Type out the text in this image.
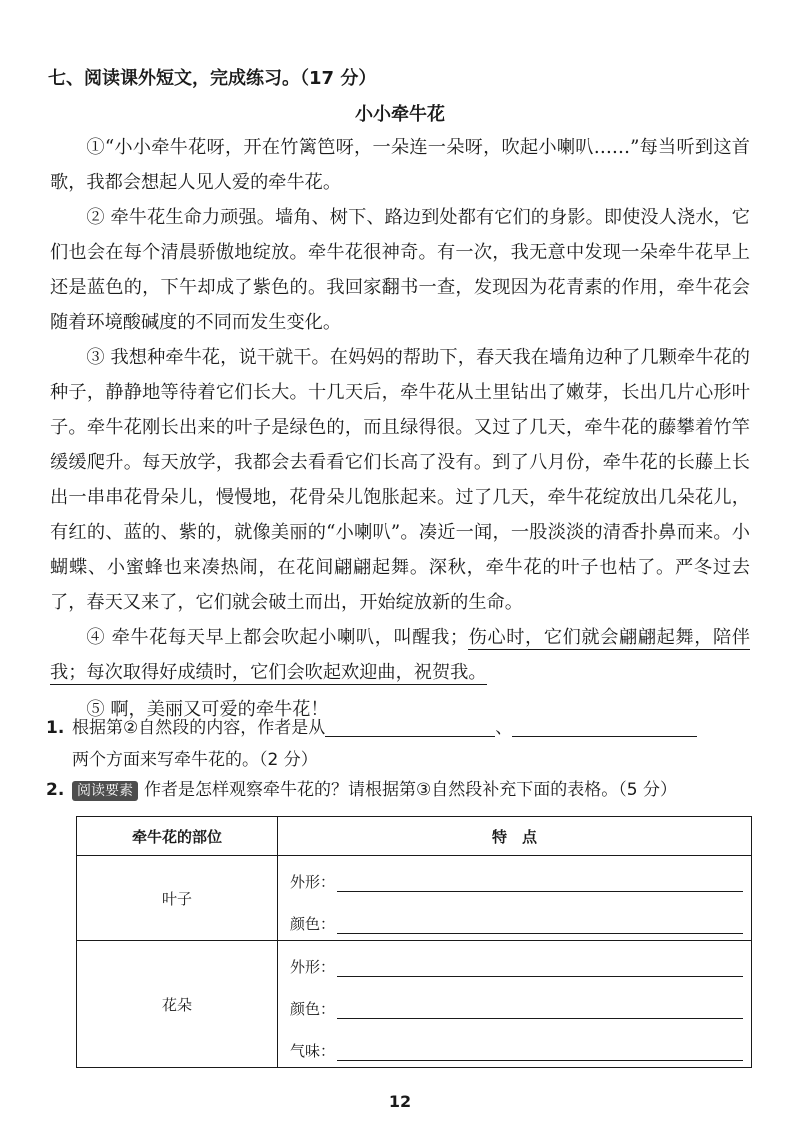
七、阅读课外短文，完成练习。（17 分）
小小牵牛花

①“小小牵牛花呀，开在竹篱笆呀，一朵连一朵呀，吹起小喇叭……”每当听到这首歌，我都会想起人见人爱的牵牛花。

② 牵牛花生命力顽强。墙角、树下、路边到处都有它们的身影。即使没人浇水，它们也会在每个清晨骄傲地绽放。牵牛花很神奇。有一次，我无意中发现一朵牵牛花早上还是蓝色的，下午却成了紫色的。我回家翻书一查，发现因为花青素的作用，牵牛花会随着环境酸碱度的不同而发生变化。

③ 我想种牵牛花，说干就干。在妈妈的帮助下，春天我在墙角边种了几颗牵牛花的种子，静静地等待着它们长大。十几天后，牵牛花从土里钻出了嫩芽，长出几片心形叶子。牵牛花刚长出来的叶子是绿色的，而且绿得很。又过了几天，牵牛花的藤攀着竹竿缓缓爬升。每天放学，我都会去看看它们长高了没有。到了八月份，牵牛花的长藤上长出一串串花骨朵儿，慢慢地，花骨朵儿饱胀起来。过了几天，牵牛花绽放出几朵花儿，有红的、蓝的、紫的，就像美丽的“小喇叭”。凑近一闻，一股淡淡的清香扑鼻而来。小蝴蝶、小蜜蜂也来凑热闹，在花间翩翩起舞。深秋，牵牛花的叶子也枯了。严冬过去了，春天又来了，它们就会破土而出，开始绽放新的生命。

④ 牵牛花每天早上都会吹起小喇叭，叫醒我；伤心时，它们就会翩翩起舞，陪伴我；每次取得好成绩时，它们会吹起欢迎曲，祝贺我。

⑤ 啊，美丽又可爱的牵牛花！

1. 根据第②自然段的内容，作者是从	、
两个方面来写牵牛花的。（2 分）
2. 阅读要素 作者是怎样观察牵牛花的？请根据第③自然段补充下面的表格。（5 分）
牵牛花的部位	特　点
叶子	外形：
颜色：

花朵	外形：
颜色：
气味：
12
